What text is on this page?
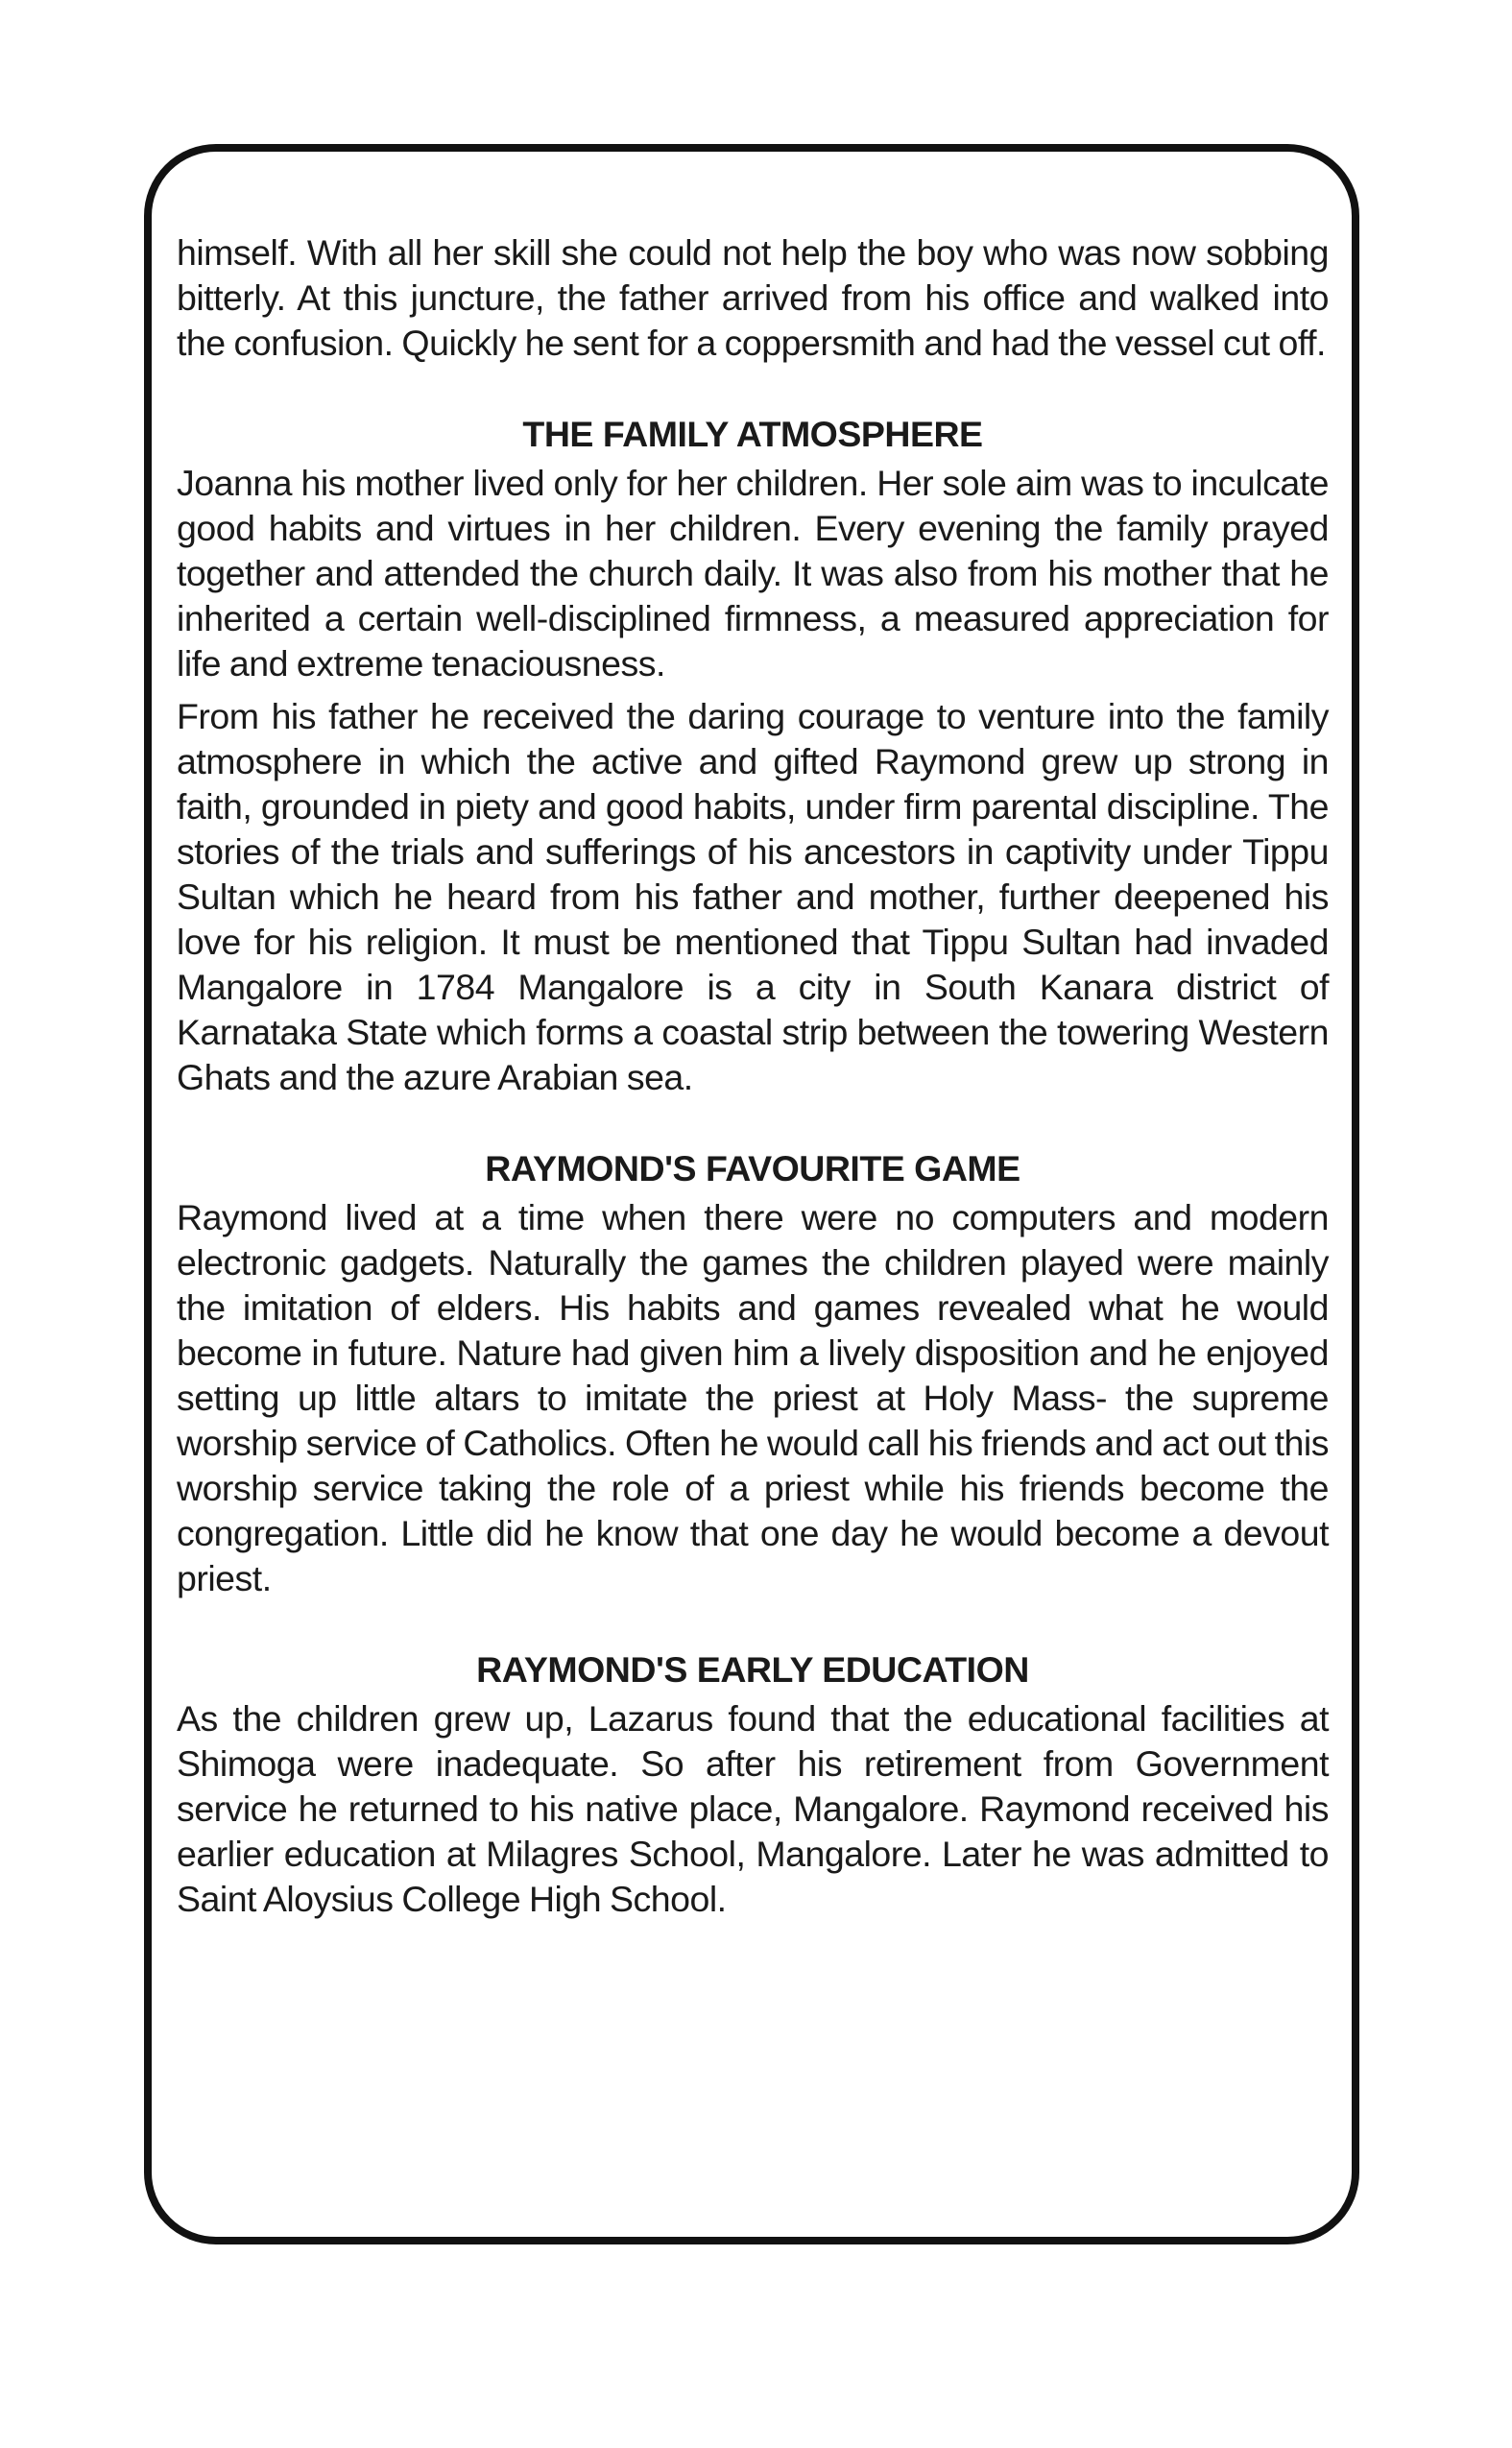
himself. With all her skill she could not help the boy who was now sobbing bitterly. At this juncture, the father arrived from his office and walked into the confusion. Quickly he sent for a coppersmith and had the vessel cut off.

THE FAMILY ATMOSPHERE

Joanna his mother lived only for her children. Her sole aim was to inculcate good habits and virtues in her children. Every evening the family prayed together and attended the church daily. It was also from his mother that he inherited a certain well-disciplined firmness, a measured appreciation for life and extreme tenaciousness.

From his father he received the daring courage to venture into the family atmosphere in which the active and gifted Raymond grew up strong in faith, grounded in piety and good habits, under firm parental discipline. The stories of the trials and sufferings of his ancestors in captivity under Tippu Sultan which he heard from his father and mother, further deepened his love for his religion. It must be mentioned that Tippu Sultan had invaded Mangalore in 1784 Mangalore is a city in South Kanara district of Karnataka State which forms a coastal strip between the towering Western Ghats and the azure Arabian sea.

RAYMOND'S FAVOURITE GAME

Raymond lived at a time when there were no computers and modern electronic gadgets. Naturally the games the children played were mainly the imitation of elders. His habits and games revealed what he would become in future. Nature had given him a lively disposition and he enjoyed setting up little altars to imitate the priest at Holy Mass- the supreme worship service of Catholics. Often he would call his friends and act out this worship service taking the role of a priest while his friends become the congregation. Little did he know that one day he would become a devout priest.

RAYMOND'S EARLY EDUCATION

As the children grew up, Lazarus found that the educational facilities at Shimoga were inadequate. So after his retirement from Government service he returned to his native place, Mangalore. Raymond received his earlier education at Milagres School, Mangalore. Later he was admitted to Saint Aloysius College High School.
